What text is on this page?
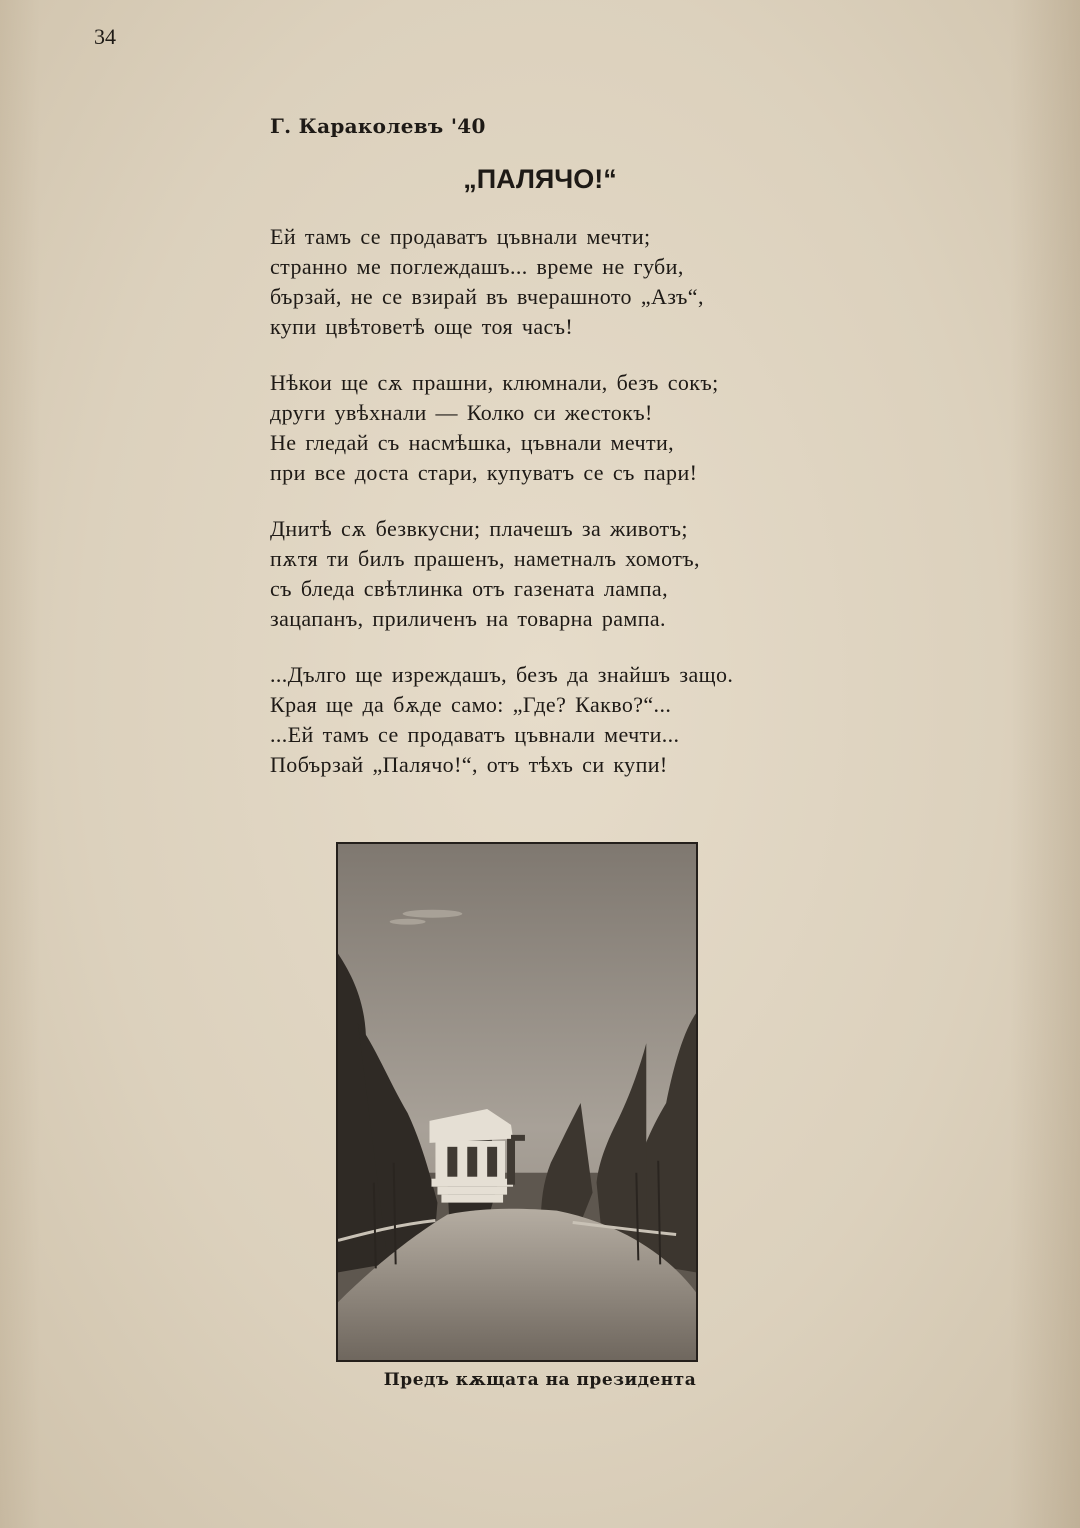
34
Г. Караколевъ '40
„ПАЛЯЧО!“
Ей тамъ се продаватъ цъвнали мечти;
странно ме поглеждашъ... време не губи,
бързай, не се взирай въ вчерашното „Азъ“,
купи цвѣтоветѣ още тоя часъ!
Нѣкои ще сѫ прашни, клюмнали, безъ сокъ;
други увѣхнали — Колко си жестокъ!
Не гледай съ насмѣшка, цъвнали мечти,
при все доста стари, купуватъ се съ пари!
Днитѣ сѫ безвкусни; плачешъ за животъ;
пѫтя ти билъ прашенъ, наметналъ хомотъ,
съ бледа свѣтлинка отъ газената лампа,
зацапанъ, приличенъ на товарна рампа.
...Дълго ще изреждашъ, безъ да знайшъ защо.
Края ще да бѫде само: „Где? Какво?“...
...Ей тамъ се продаватъ цъвнали мечти...
Побързай „Палячо!“, отъ тѣхъ си купи!
Предъ кѫщата на президента
